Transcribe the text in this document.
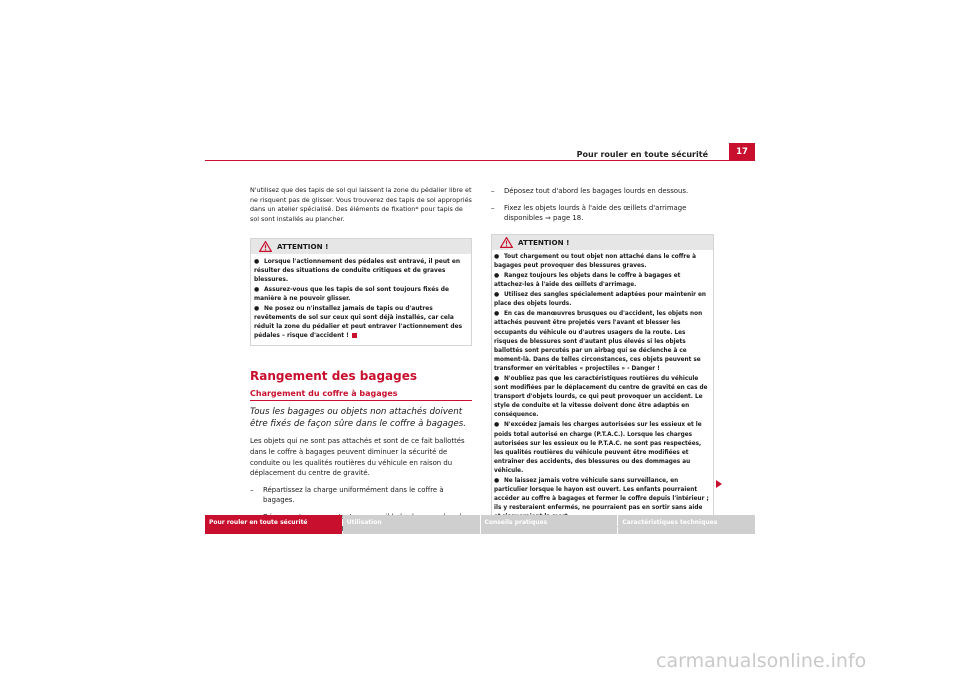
Pour rouler en toute sécurité	17

N'utilisez que des tapis de sol qui laissent la zone du pédalier libre et ne risquent pas de glisser. Vous trouverez des tapis de sol appropriés dans un atelier spécialisé. Des éléments de fixation* pour tapis de sol sont installés au plancher.

ATTENTION !

● Lorsque l'actionnement des pédales est entravé, il peut en résulter des situations de conduite critiques et de graves blessures.

● Assurez-vous que les tapis de sol sont toujours fixés de manière à ne pouvoir glisser.

● Ne posez ou n'installez jamais de tapis ou d'autres revêtements de sol sur ceux qui sont déjà installés, car cela réduit la zone du pédalier et peut entraver l'actionnement des pédales – risque d'accident !

Rangement des bagages
Chargement du coffre à bagages

Tous les bagages ou objets non attachés doivent être fixés de façon sûre dans le coffre à bagages.

Les objets qui ne sont pas attachés et sont de ce fait ballottés dans le coffre à bagages peuvent diminuer la sécurité de conduite ou les qualités routières du véhicule en raison du déplacement du centre de gravité.

–	Répartissez la charge uniformément dans le coffre à bagages.
–	Déposez tout d'abord les bagages lourds en dessous.
–	Fixez les objets lourds à l'aide des œillets d'arrimage disponibles ⇒ page 18.
ATTENTION !

● Tout chargement ou tout objet non attaché dans le coffre à bagages peut provoquer des blessures graves.

● Rangez toujours les objets dans le coffre à bagages et attachez-les à l'aide des œillets d'arrimage.

● Utilisez des sangles spécialement adaptées pour maintenir en place des objets lourds.

● En cas de manœuvres brusques ou d'accident, les objets non attachés peuvent être projetés vers l'avant et blesser les occupants du véhicule ou d'autres usagers de la route. Les risques de blessures sont d'autant plus élevés si les objets ballottés sont percutés par un airbag qui se déclenche à ce moment-là. Dans de telles circonstances, ces objets peuvent se transformer en véritables « projectiles » - Danger !

● N'oubliez pas que les caractéristiques routières du véhicule sont modifiées par le déplacement du centre de gravité en cas de transport d'objets lourds, ce qui peut provoquer un accident. Le style de conduite et la vitesse doivent donc être adaptés en conséquence.

● N'excédez jamais les charges autorisées sur les essieux et le poids total autorisé en charge (P.T.A.C.). Lorsque les charges autorisées sur les essieux ou le P.T.A.C. ne sont pas respectées, les qualités routières du véhicule peuvent être modifiées et entraîner des accidents, des blessures ou des dommages au véhicule.

● Ne laissez jamais votre véhicule sans surveillance, en particulier lorsque le hayon est ouvert. Les enfants pourraient accéder au coffre à bagages et fermer le coffre depuis l'intérieur ; ils y resteraient enfermés, ne pourraient pas en sortir sans aide

Pour rouler en toute sécurité	Utilisation	Conseils pratiques	Caractéristiques techniques
carmanualsonline.info
